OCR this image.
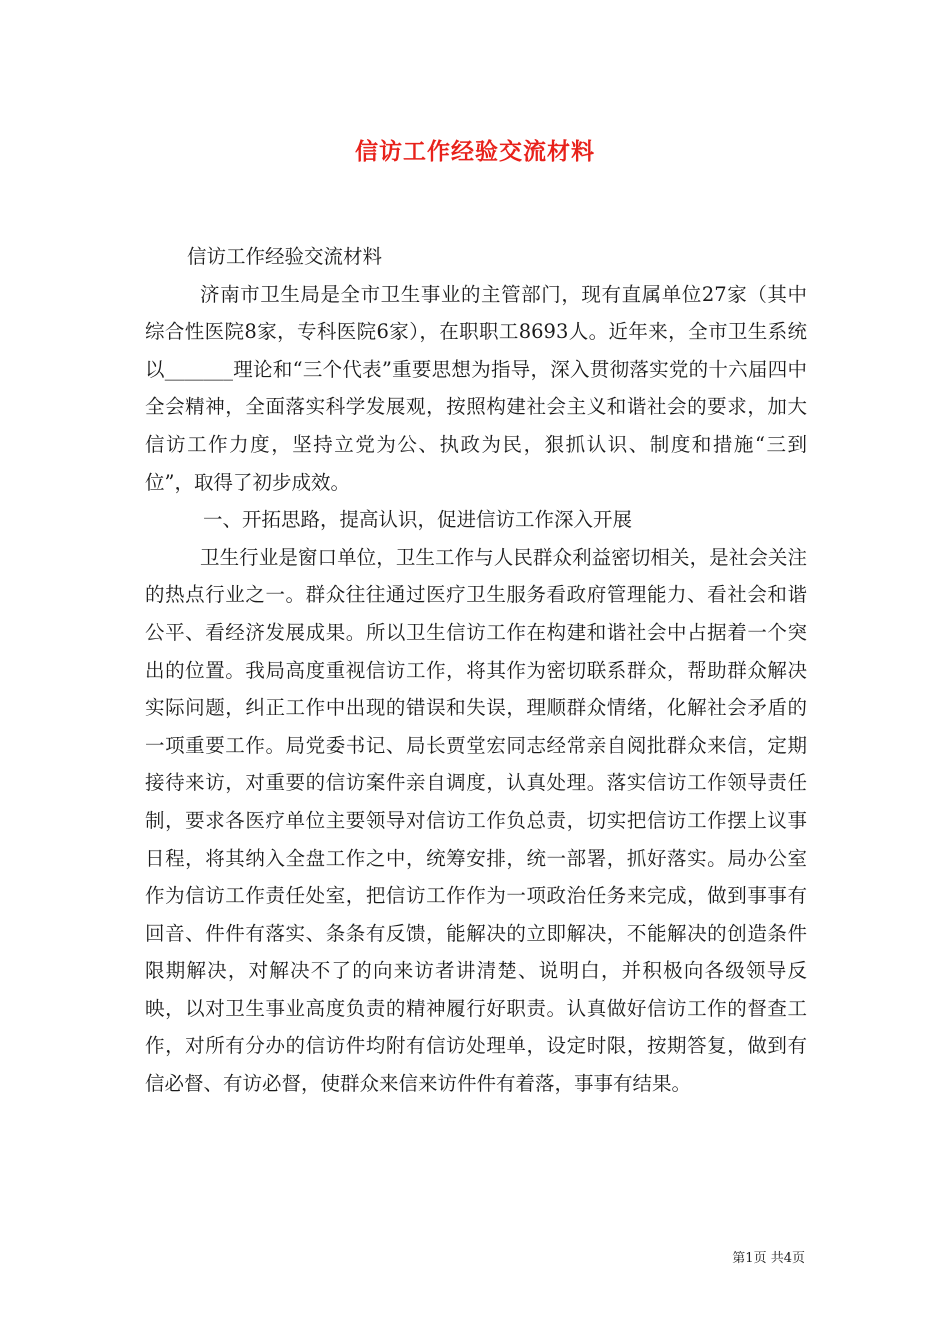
信访工作经验交流材料

信访工作经验交流材料

济南市卫生局是全市卫生事业的主管部门，现有直属单位27家（其中综合性医院8家，专科医院6家），在职职工8693人。近年来，全市卫生系统以_______理论和“三个代表”重要思想为指导，深入贯彻落实党的十六届四中全会精神，全面落实科学发展观，按照构建社会主义和谐社会的要求，加大信访工作力度，坚持立党为公、执政为民，狠抓认识、制度和措施“三到位”，取得了初步成效。

一、开拓思路，提高认识，促进信访工作深入开展

卫生行业是窗口单位，卫生工作与人民群众利益密切相关，是社会关注的热点行业之一。群众往往通过医疗卫生服务看政府管理能力、看社会和谐公平、看经济发展成果。所以卫生信访工作在构建和谐社会中占据着一个突出的位置。我局高度重视信访工作，将其作为密切联系群众，帮助群众解决实际问题，纠正工作中出现的错误和失误，理顺群众情绪，化解社会矛盾的一项重要工作。局党委书记、局长贾堂宏同志经常亲自阅批群众来信，定期接待来访，对重要的信访案件亲自调度，认真处理。落实信访工作领导责任制，要求各医疗单位主要领导对信访工作负总责，切实把信访工作摆上议事日程，将其纳入全盘工作之中，统筹安排，统一部署，抓好落实。局办公室作为信访工作责任处室，把信访工作作为一项政治任务来完成，做到事事有回音、件件有落实、条条有反馈，能解决的立即解决，不能解决的创造条件限期解决，对解决不了的向来访者讲清楚、说明白，并积极向各级领导反映，以对卫生事业高度负责的精神履行好职责。认真做好信访工作的督查工作，对所有分办的信访件均附有信访处理单，设定时限，按期答复，做到有信必督、有访必督，使群众来信来访件件有着落，事事有结果。

第1页 共4页
